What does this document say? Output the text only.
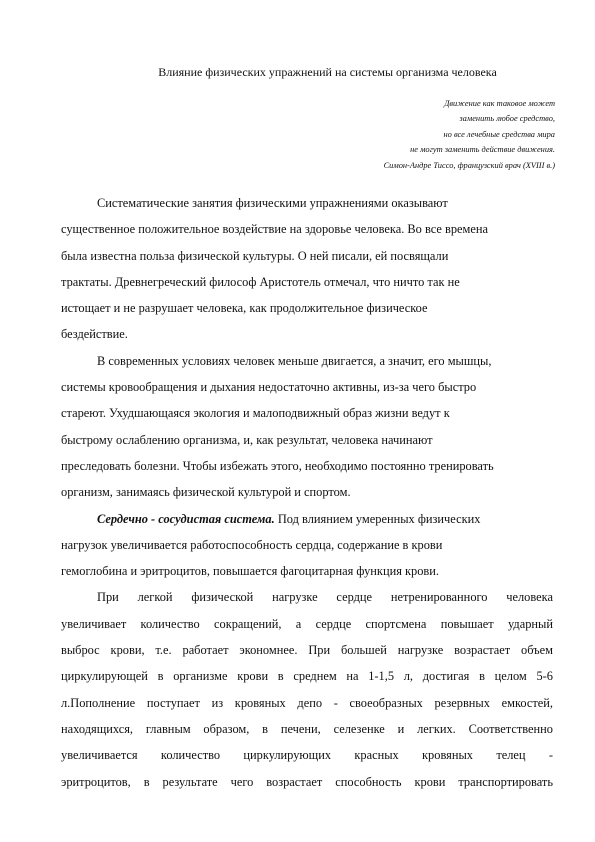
Влияние физических упражнений на системы организма человека
Движение как таковое может
заменить любое средство,
но все лечебные средства мира
не могут заменить действие движения.
Симон-Андре Тиссо, французский врач (XVIII в.)

Систематические занятия физическими упражнениями оказывают
существенное положительное воздействие на здоровье человека. Во все времена
была известна польза физической культуры. О ней писали, ей посвящали
трактаты. Древнегреческий философ Аристотель отмечал, что ничто так не
истощает и не разрушает человека, как продолжительное физическое
бездействие.

В современных условиях человек меньше двигается, а значит, его мышцы,
системы кровообращения и дыхания недостаточно активны, из-за чего быстро
стареют. Ухудшающаяся экология и малоподвижный образ жизни ведут к
быстрому ослаблению организма, и, как результат, человека начинают
преследовать болезни. Чтобы избежать этого, необходимо постоянно тренировать
организм, занимаясь физической культурой и спортом.

Сердечно - сосудистая система. Под влиянием умеренных физических
нагрузок увеличивается работоспособность сердца, содержание в крови
гемоглобина и эритроцитов, повышается фагоцитарная функция крови.

При легкой физической нагрузке сердце нетренированного человека
увеличивает количество сокращений, а сердце спортсмена повышает ударный
выброс крови, т.е. работает экономнее. При большей нагрузке возрастает объем
циркулирующей в организме крови в среднем на 1-1,5 л, достигая в целом 5-6
л.Пополнение поступает из кровяных депо - своеобразных резервных емкостей,
находящихся, главным образом, в печени, селезенке и легких. Соответственно
увеличивается количество циркулирующих красных кровяных телец -
эритроцитов, в результате чего возрастает способность крови транспортировать
